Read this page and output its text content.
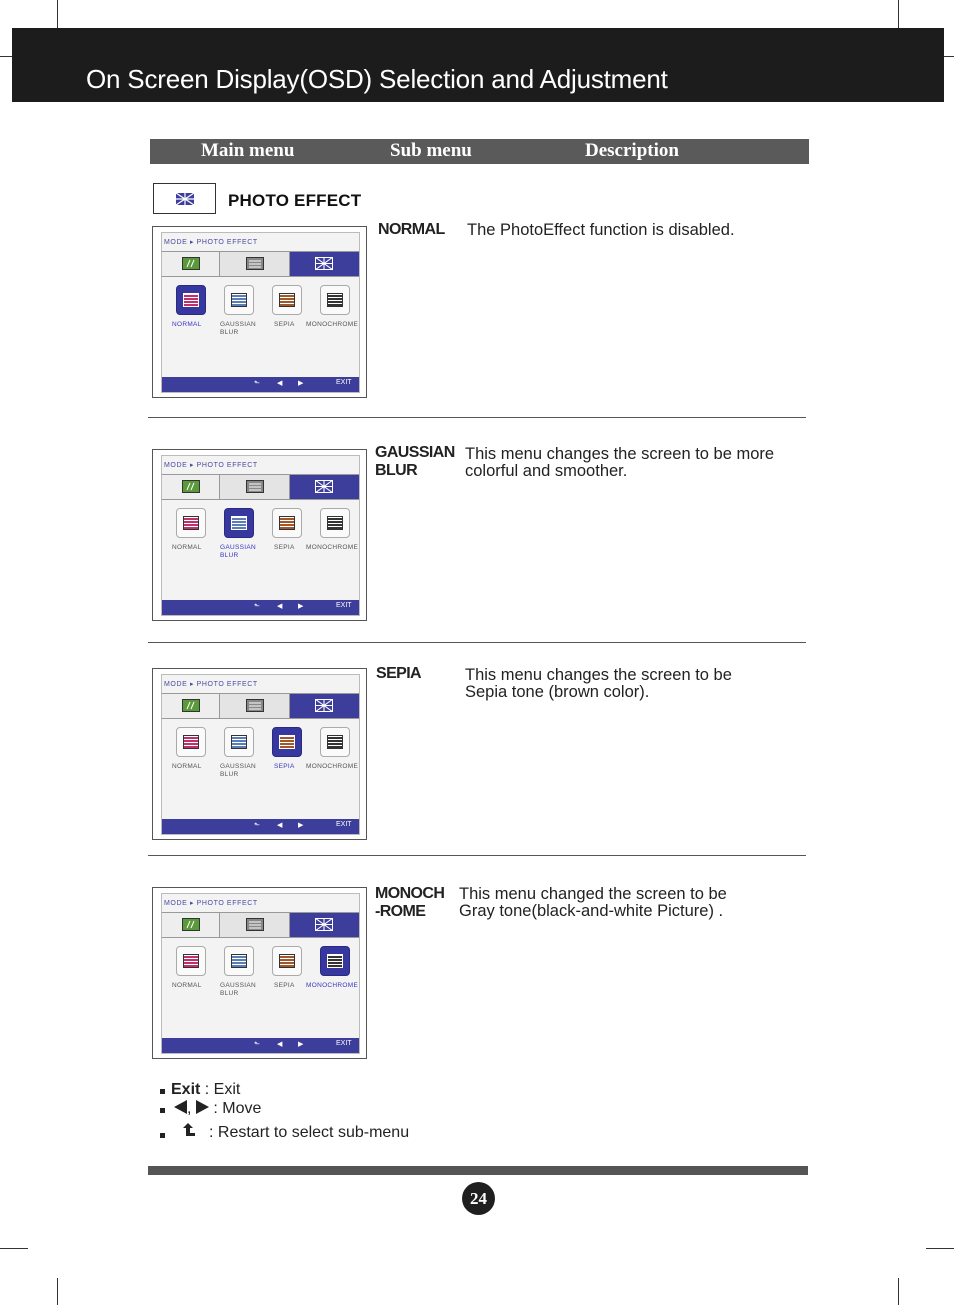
On Screen Display(OSD) Selection and Adjustment
Main menu	Sub menu	Description
PHOTO EFFECT
MODE ▸ PHOTO EFFECT
NORMAL	GAUSSIAN
BLUR
SEPIA MONOCHROME
⬑ ◀ ▶	EXIT
NORMAL The PhotoEffect function is disabled.
MODE ▸ PHOTO EFFECT
NORMAL	GAUSSIAN
BLUR
SEPIA MONOCHROME
⬑ ◀ ▶	EXIT
GAUSSIAN
BLUR
This menu changes the screen to be more
colorful and smoother.
MODE ▸ PHOTO EFFECT
NORMAL	GAUSSIAN
BLUR
SEPIA MONOCHROME
⬑ ◀ ▶	EXIT
SEPIA	This menu changes the screen to be
Sepia tone (brown color).
MODE ▸ PHOTO EFFECT
NORMAL	GAUSSIAN
BLUR
SEPIA MONOCHROME
⬑ ◀ ▶	EXIT
MONOCH
-ROME
This menu changed the screen to be
Gray tone(black-and-white Picture) .
Exit : Exit
,  : Move
: Restart to select sub-menu
24
